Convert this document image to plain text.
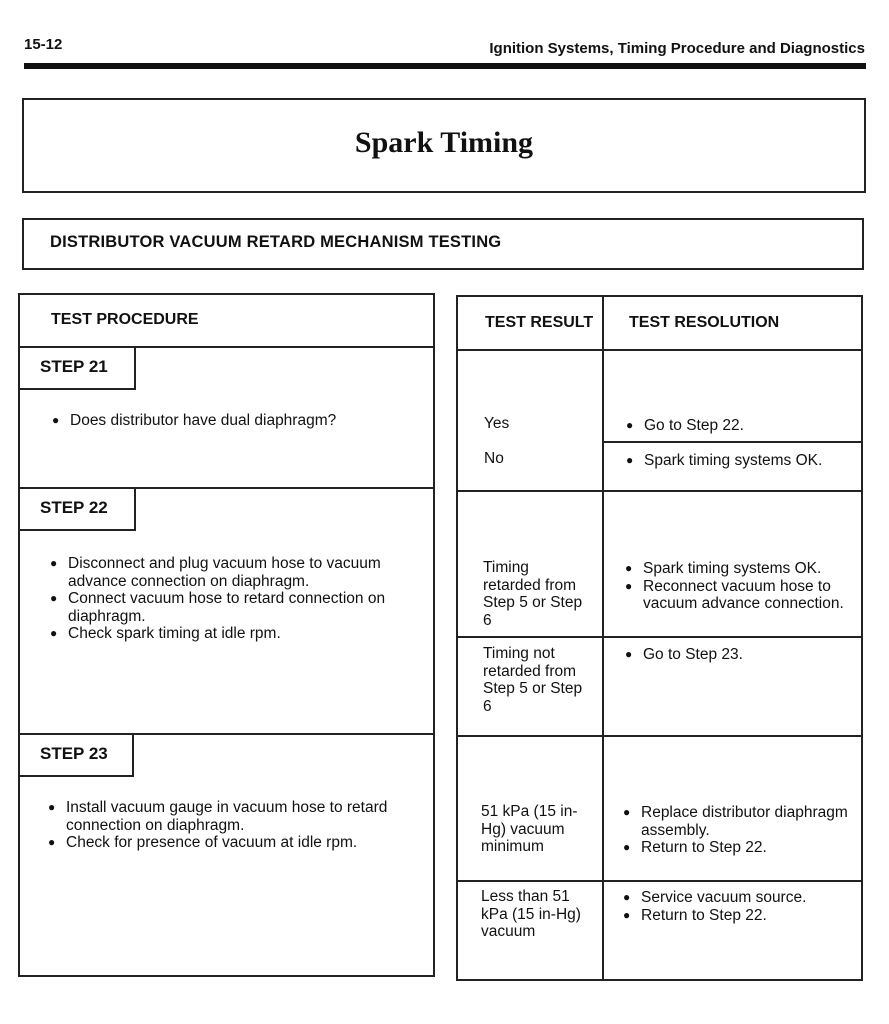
15-12	Ignition Systems, Timing Procedure and Diagnostics
Spark Timing
DISTRIBUTOR VACUUM RETARD MECHANISM TESTING
TEST PROCEDURE
STEP 21
● Does distributor have dual diaphragm?
STEP 22
● Disconnect and plug vacuum hose to vacuum advance connection on diaphragm.
● Connect vacuum hose to retard connection on diaphragm.
● Check spark timing at idle rpm.
STEP 23
● Install vacuum gauge in vacuum hose to retard connection on diaphragm.
● Check for presence of vacuum at idle rpm.
TEST RESULT TEST RESOLUTION
Yes	● Go to Step 22.
No	● Spark timing systems OK.
Timing retarded from Step 5 or Step 6
● Spark timing systems OK.
● Reconnect vacuum hose to vacuum advance connection.
Timing not retarded from Step 5 or Step 6
● Go to Step 23.
51 kPa (15 in-Hg) vacuum minimum
● Replace distributor diaphragm assembly.
● Return to Step 22.
Less than 51 kPa (15 in-Hg) vacuum
● Service vacuum source.
● Return to Step 22.
